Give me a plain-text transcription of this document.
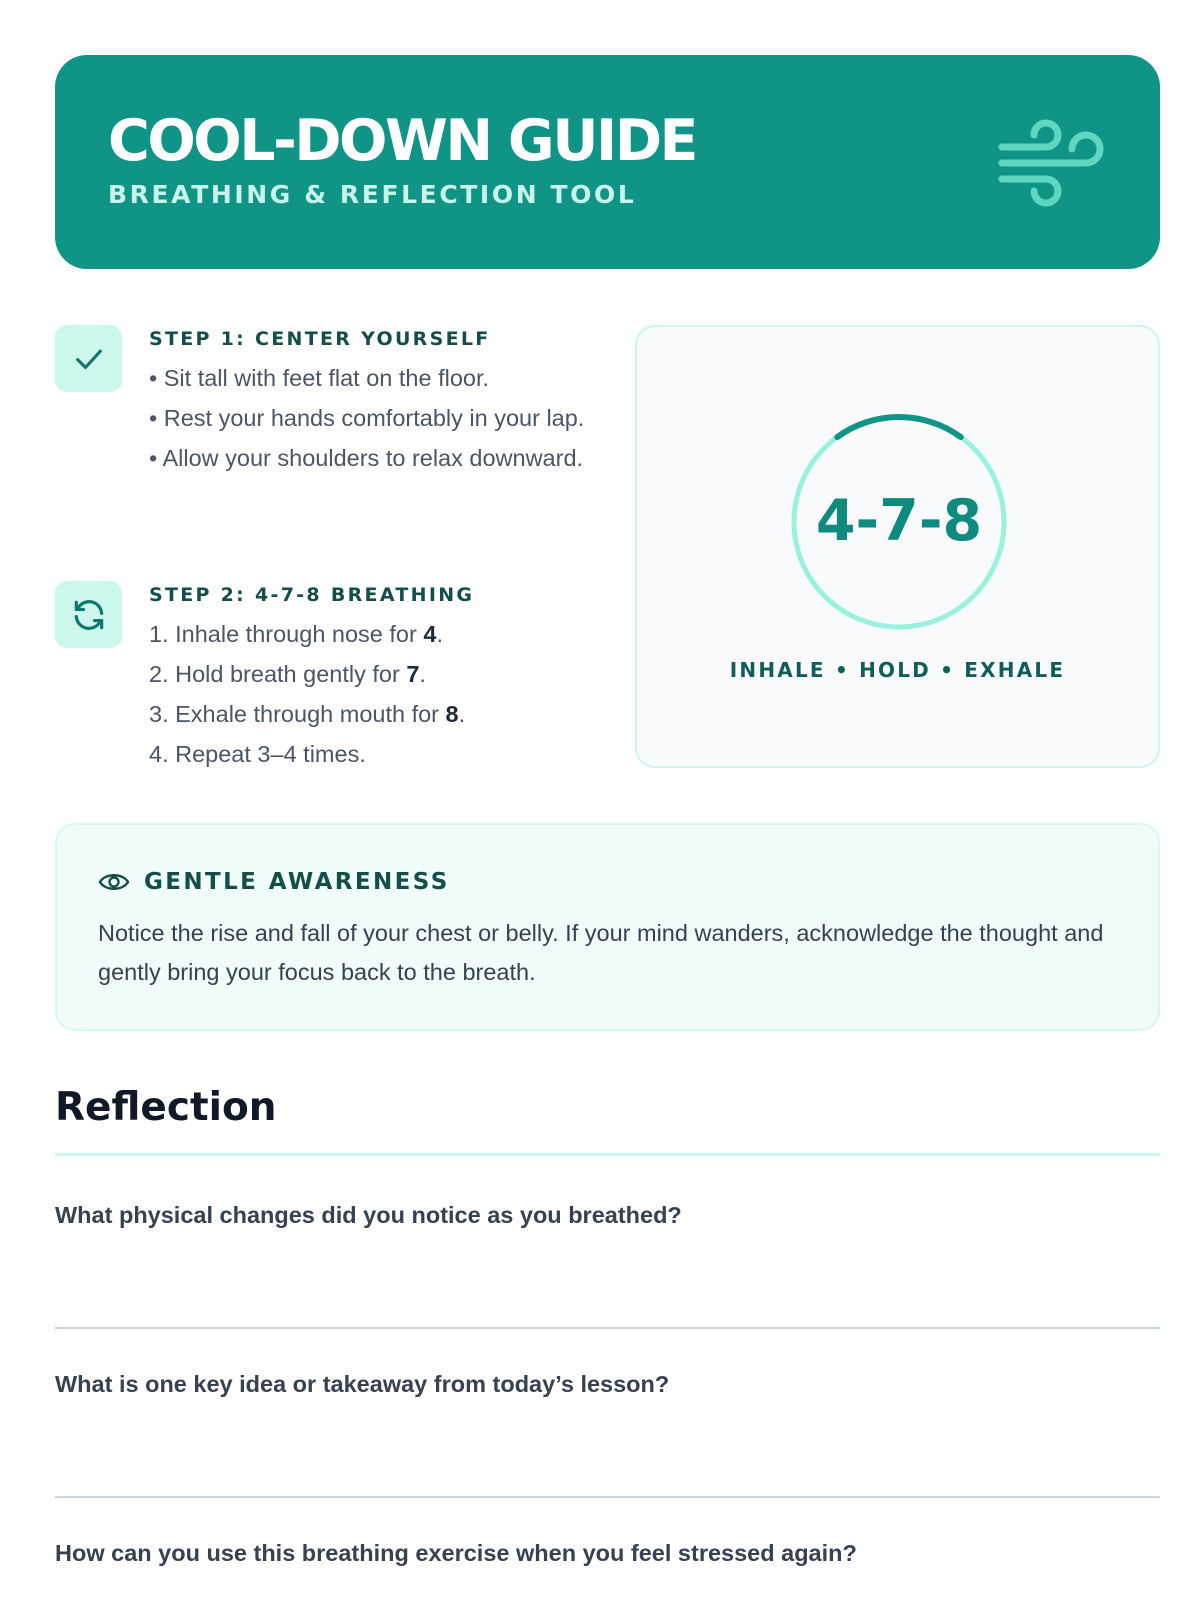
COOL-DOWN GUIDE
BREATHING & REFLECTION TOOL
STEP 1: CENTER YOURSELF
• Sit tall with feet flat on the floor.
• Rest your hands comfortably in your lap.
• Allow your shoulders to relax downward.
STEP 2: 4-7-8 BREATHING
1. Inhale through nose for 4.
2. Hold breath gently for 7.
3. Exhale through mouth for 8.
4. Repeat 3–4 times.
4-7-8
INHALE • HOLD • EXHALE
GENTLE AWARENESS
Notice the rise and fall of your chest or belly. If your mind wanders, acknowledge the thought and gently bring your focus back to the breath.
Reflection
What physical changes did you notice as you breathed?
What is one key idea or takeaway from today’s lesson?
How can you use this breathing exercise when you feel stressed again?
